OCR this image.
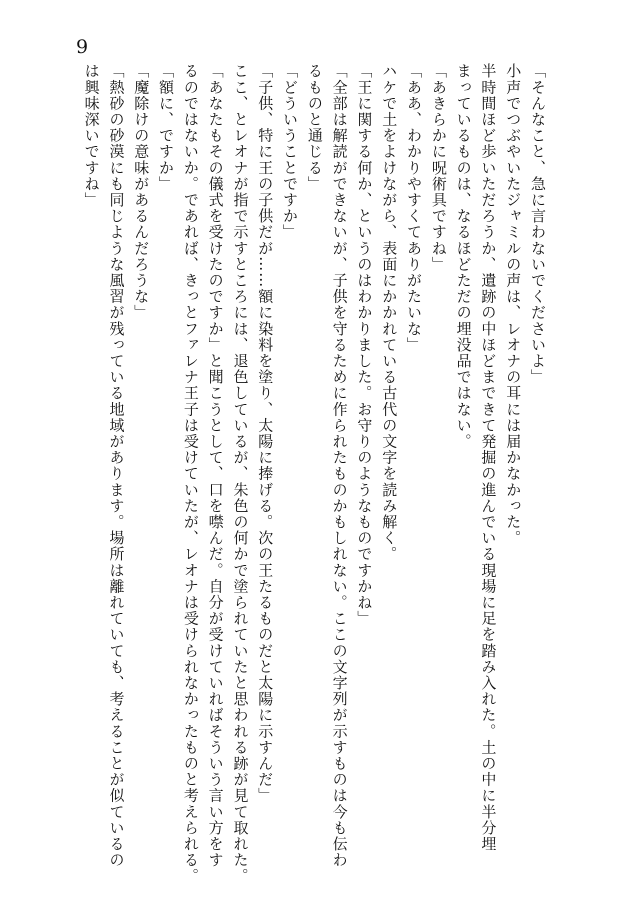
9
「そんなこと、急に言わないでくださいよ」
小声でつぶやいたジャミルの声は、レオナの耳には届かなかった。
半時間ほど歩いただろうか、遺跡の中ほどまできて発掘の進んでいる現場に足を踏み入れた。土の中に半分埋
まっているものは、なるほどただの埋没品ではない。
「あきらかに呪術具ですね」
「ああ、わかりやすくてありがたいな」
ハケで土をよけながら、表面にかかれている古代の文字を読み解く。
「王に関する何か、というのはわかりました。お守りのようなものですかね」
「全部は解読ができないが、子供を守るために作られたものかもしれない。ここの文字列が示すものは今も伝わ
るものと通じる」
「どういうことですか」
「子供、特に王の子供だが……額に染料を塗り、太陽に捧げる。次の王たるものだと太陽に示すんだ」
ここ、とレオナが指で示すところには、退色しているが、朱色の何かで塗られていたと思われる跡が見て取れた。
「あなたもその儀式を受けたのですか」と聞こうとして、口を噤んだ。自分が受けていればそういう言い方をす
るのではないか。であれば、きっとファレナ王子は受けていたが、レオナは受けられなかったものと考えられる。
「額に、ですか」
「魔除けの意味があるんだろうな」
「熱砂の砂漠にも同じような風習が残っている地域があります。場所は離れていても、考えることが似ているの
は興味深いですね」
